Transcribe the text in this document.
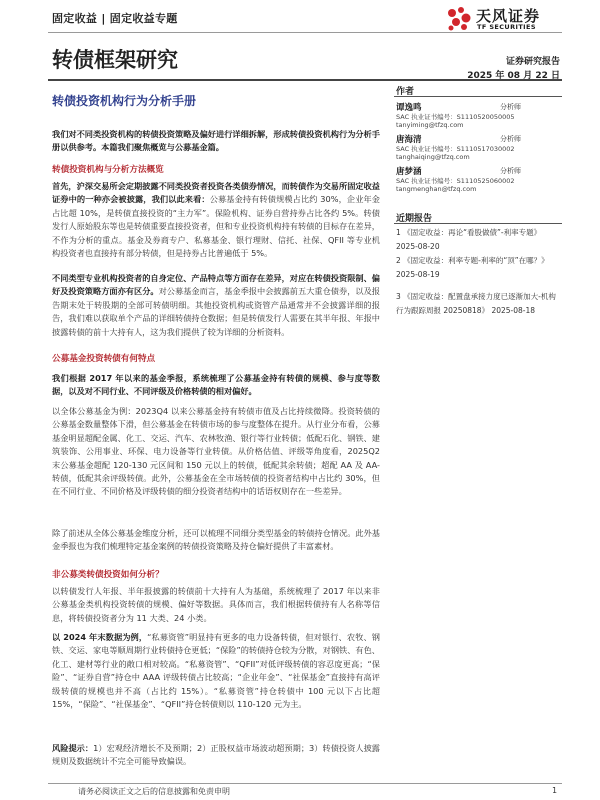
固定收益 | 固定收益专题	天风证券
TF SECURITIES
转债框架研究	证券研究报告
2025 年 08 月 22 日
转债投资机构行为分析手册
作者
谭逸鸣	分析师
SAC 执业证书编号：S1110520050005
tanyiming@tfzq.com
唐海清	分析师
SAC 执业证书编号：S1110517030002
tanghaiqing@tfzq.com
唐梦涵	分析师
SAC 执业证书编号：S1110525060002
tangmenghan@tfzq.com
近期报告
1 《固定收益：再论“看股做债”-利率专题》 2025-08-20
2 《固定收益：利率专题-利率的“顶”在哪？》 2025-08-19
3 《固定收益：配置盘承接力度已逐渐加大-机构行为跟踪周报 20250818》 2025-08-18

我们对不同类投资机构的转债投资策略及偏好进行详细拆解，形成转债投资机构行为分析手册以供参考。本篇我们聚焦概览与公募基金篇。

转债投资机构与分析方法概览

首先，沪深交易所会定期披露不同类投资者投资各类债券情况，而转债作为交易所固定收益证券中的一种亦会被披露，我们以此来看：公募基金持有转债规模占比约 30%，企业年金占比超 10%，是转债直接投资的“主力军”。保险机构、证券自营持券占比各约 5%。转债发行人原始股东等也是转债重要直接投资者，但和专业投资机构持有转债的目标存在差异，不作为分析的重点。基金及券商专户、私募基金、银行理财、信托、社保、QFII 等专业机构投资者也直接持有部分转债，但是持券占比普遍低于 5%。

不同类型专业机构投资者的自身定位、产品特点等方面存在差异，对应在转债投资限制、偏好及投资策略方面亦有区分。对公募基金而言，基金季报中会披露前五大重仓债券，以及报告期末处于转股期的全部可转债明细。其他投资机构或资管产品通常并不会披露详细的报告，我们难以获取单个产品的详细转债持仓数据；但是转债发行人需要在其半年报、年报中披露转债的前十大持有人，这为我们提供了较为详细的分析资料。

公募基金投资转债有何特点

我们根据 2017 年以来的基金季报，系统梳理了公募基金持有转债的规模、参与度等数据，以及对不同行业、不同评级及价格转债的相对偏好。

以全体公募基金为例：2023Q4 以来公募基金持有转债市值及占比持续微降。投资转债的公募基金数量整体下滑，但公募基金在转债市场的参与度整体在提升。从行业分布看，公募基金明显超配金属、化工、交运、汽车、农林牧渔、银行等行业转债；低配石化、钢铁、建筑装饰、公用事业、环保、电力设备等行业转债。从价格估值、评级等角度看，2025Q2 末公募基金超配 120-130 元区间和 150 元以上的转债，低配其余转债；超配 AA 及 AA- 转债，低配其余评级转债。此外，公募基金在全市场转债的投资者结构中占比约 30%，但在不同行业、不同价格及评级转债的细分投资者结构中的话语权则存在一些差异。

除了前述从全体公募基金维度分析，还可以梳理不同细分类型基金的转债持仓情况。此外基金季报也为我们梳理特定基金案例的转债投资策略及持仓偏好提供了丰富素材。

非公募类转债投资如何分析？

以转债发行人年报、半年报披露的转债前十大持有人为基础，系统梳理了 2017 年以来非公募基金类机构投资转债的规模、偏好等数据。具体而言，我们根据转债持有人名称等信息，将转债投资者分为 11 大类、24 小类。

以 2024 年末数据为例，“私募资管”明显持有更多的电力设备转债，但对银行、农牧、钢铁、交运、家电等顺周期行业转债持仓更低；“保险”的转债持仓较为分散，对钢铁、有色、化工、建材等行业的敞口相对较高。“私募资管”、“QFII”对低评级转债的容忍度更高；“保险”、“证券自营”持仓中 AAA 评级转债占比较高；“企业年金”、“社保基金”直接持有高评级转债的规模也并不高（占比约 15%）。“私募资管”持仓转债中 100 元以下占比超 15%，“保险”、“社保基金”、“QFII”持仓转债则以 110-120 元为主。

风险提示：1）宏观经济增长不及预期；2）正股权益市场波动超预期；3）转债投资人披露规则及数据统计不完全可能导致偏误。

请务必阅读正文之后的信息披露和免责申明	1
